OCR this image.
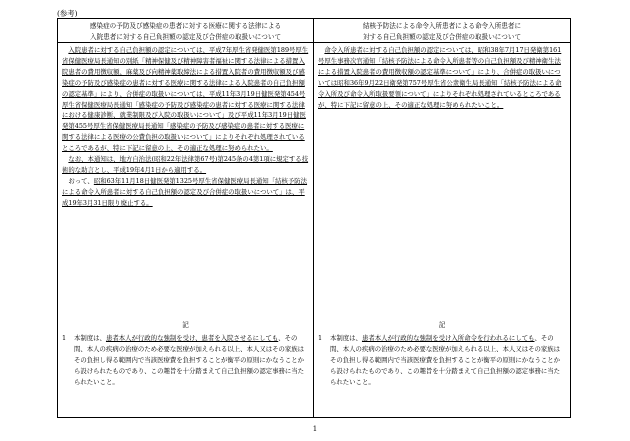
(参考)
感染症の予防及び感染症の患者に対する医療に関する法律による
入院患者に対する自己負担額の認定及び合併症の取扱いについて

入院患者に対する自己負担額の認定については、平成7年厚生省発健医第189号厚生省保健医療局長通知の別紙「精神保健及び精神障害者福祉に関する法律による措置入院患者の費用徴収額、麻薬及び向精神薬取締法による措置入院者の費用徴収額及び感染症の予防及び感染症の患者に対する医療に関する法律による入院患者の自己負担額の認定基準」により、合併症の取扱いについては、平成11年3月19日健医発第454号厚生省保健医療局長通知「感染症の予防及び感染症の患者に対する医療に関する法律における健康診断、就業制限及び入院の取扱いについて」及び平成11年3月19日健医発第455号厚生省保健医療局長通知「感染症の予防及び感染症の患者に対する医療に関する法律による医療の公費負担の取扱いについて」によりそれぞれ処理されているところであるが、特に下記に留意の上、その適正な処理に努められたい。

なお、本通知は、地方自治法(昭和22年法律第67号)第245条の4第1項に規定する技術的な助言とし、平成19年4月1日から適用する。

おって、昭和63年11月18日健医発第1325号厚生省保健医療局長通知「結核予防法による命令入所患者に対する自己負担額の認定及び合併症の取扱いについて」は、平成19年3月31日限り廃止する。

記
1	本制度は、患者本人が行政的な強制を受け、患者を入院させるにしても、その間、本人の疾病の治療のため必要な医療が加えられる以上、本人又はその家族はその負担し得る範囲内で当該医療費を負担することが衡平の原則にかなうことから設けられたものであり、この趣旨を十分踏まえて自己負担額の認定事務に当たられたいこと。
結核予防法による命令入所患者による命令入所患者に
対する自己負担額の認定及び合併症の取扱いについて

命令入所患者に対する自己負担額の認定については、昭和38年7月17日発衛第161号厚生事務次官通知「結核予防法による命令入所患者等の自己負担額及び精神衛生法による措置入院患者の費用徴収額の認定基準について」により、合併症の取扱いについては昭和36年9月22日衛発第757号厚生省公衆衛生局長通知「結核予防法による命令入所及び命令入所取扱要領について」によりそれぞれ処理されているところであるが、特に下記に留意の上、その適正な処理に努められたいこと。

記
1	本制度は、患者本人が行政的な強制を受け入所命令を行われるにしても、その間、本人の疾病の治療のため必要な医療が加えられる以上、本人又はその家族はその負担し得る範囲内で当該医療費を負担することが衡平の原則にかなうことから設けられたものであり、この趣旨を十分踏まえて自己負担額の認定事務に当たられたいこと。
1
